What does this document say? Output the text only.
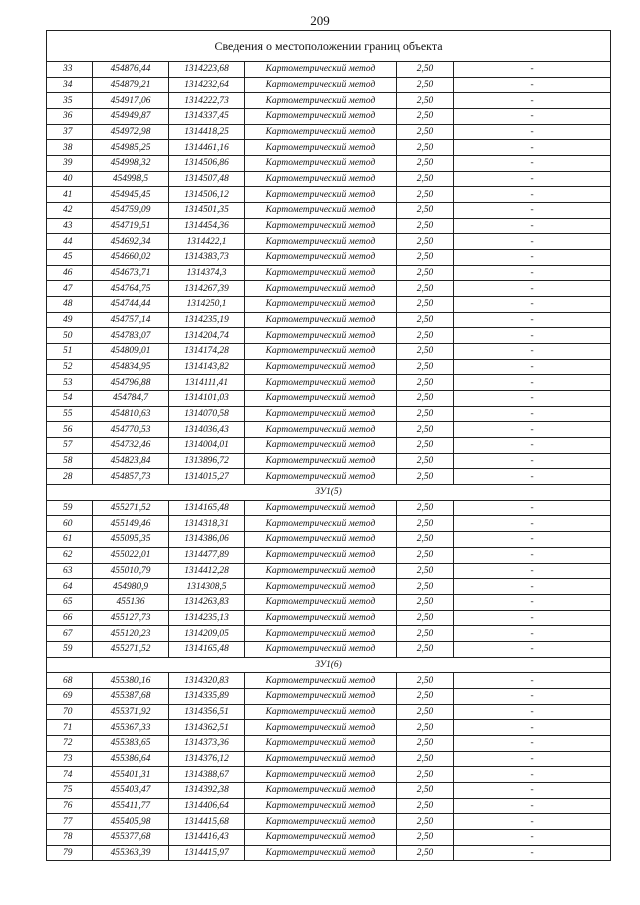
209
Сведения о местоположении границ объекта					
33	454876,44	1314223,68	Картометрический метод	2,50	-
34	454879,21	1314232,64	Картометрический метод	2,50	-
35	454917,06	1314222,73	Картометрический метод	2,50	-
36	454949,87	1314337,45	Картометрический метод	2,50	-
37	454972,98	1314418,25	Картометрический метод	2,50	-
38	454985,25	1314461,16	Картометрический метод	2,50	-
39	454998,32	1314506,86	Картометрический метод	2,50	-
40	454998,5	1314507,48	Картометрический метод	2,50	-
41	454945,45	1314506,12	Картометрический метод	2,50	-
42	454759,09	1314501,35	Картометрический метод	2,50	-
43	454719,51	1314454,36	Картометрический метод	2,50	-
44	454692,34	1314422,1	Картометрический метод	2,50	-
45	454660,02	1314383,73	Картометрический метод	2,50	-
46	454673,71	1314374,3	Картометрический метод	2,50	-
47	454764,75	1314267,39	Картометрический метод	2,50	-
48	454744,44	1314250,1	Картометрический метод	2,50	-
49	454757,14	1314235,19	Картометрический метод	2,50	-
50	454783,07	1314204,74	Картометрический метод	2,50	-
51	454809,01	1314174,28	Картометрический метод	2,50	-
52	454834,95	1314143,82	Картометрический метод	2,50	-
53	454796,88	1314111,41	Картометрический метод	2,50	-
54	454784,7	1314101,03	Картометрический метод	2,50	-
55	454810,63	1314070,58	Картометрический метод	2,50	-
56	454770,53	1314036,43	Картометрический метод	2,50	-
57	454732,46	1314004,01	Картометрический метод	2,50	-
58	454823,84	1313896,72	Картометрический метод	2,50	-
28	454857,73	1314015,27	Картометрический метод	2,50	-
ЗУ1(5)					
59	455271,52	1314165,48	Картометрический метод	2,50	-
60	455149,46	1314318,31	Картометрический метод	2,50	-
61	455095,35	1314386,06	Картометрический метод	2,50	-
62	455022,01	1314477,89	Картометрический метод	2,50	-
63	455010,79	1314412,28	Картометрический метод	2,50	-
64	454980,9	1314308,5	Картометрический метод	2,50	-
65	455136	1314263,83	Картометрический метод	2,50	-
66	455127,73	1314235,13	Картометрический метод	2,50	-
67	455120,23	1314209,05	Картометрический метод	2,50	-
59	455271,52	1314165,48	Картометрический метод	2,50	-
ЗУ1(6)					
68	455380,16	1314320,83	Картометрический метод	2,50	-
69	455387,68	1314335,89	Картометрический метод	2,50	-
70	455371,92	1314356,51	Картометрический метод	2,50	-
71	455367,33	1314362,51	Картометрический метод	2,50	-
72	455383,65	1314373,36	Картометрический метод	2,50	-
73	455386,64	1314376,12	Картометрический метод	2,50	-
74	455401,31	1314388,67	Картометрический метод	2,50	-
75	455403,47	1314392,38	Картометрический метод	2,50	-
76	455411,77	1314406,64	Картометрический метод	2,50	-
77	455405,98	1314415,68	Картометрический метод	2,50	-
78	455377,68	1314416,43	Картометрический метод	2,50	-
79	455363,39	1314415,97	Картометрический метод	2,50	-
